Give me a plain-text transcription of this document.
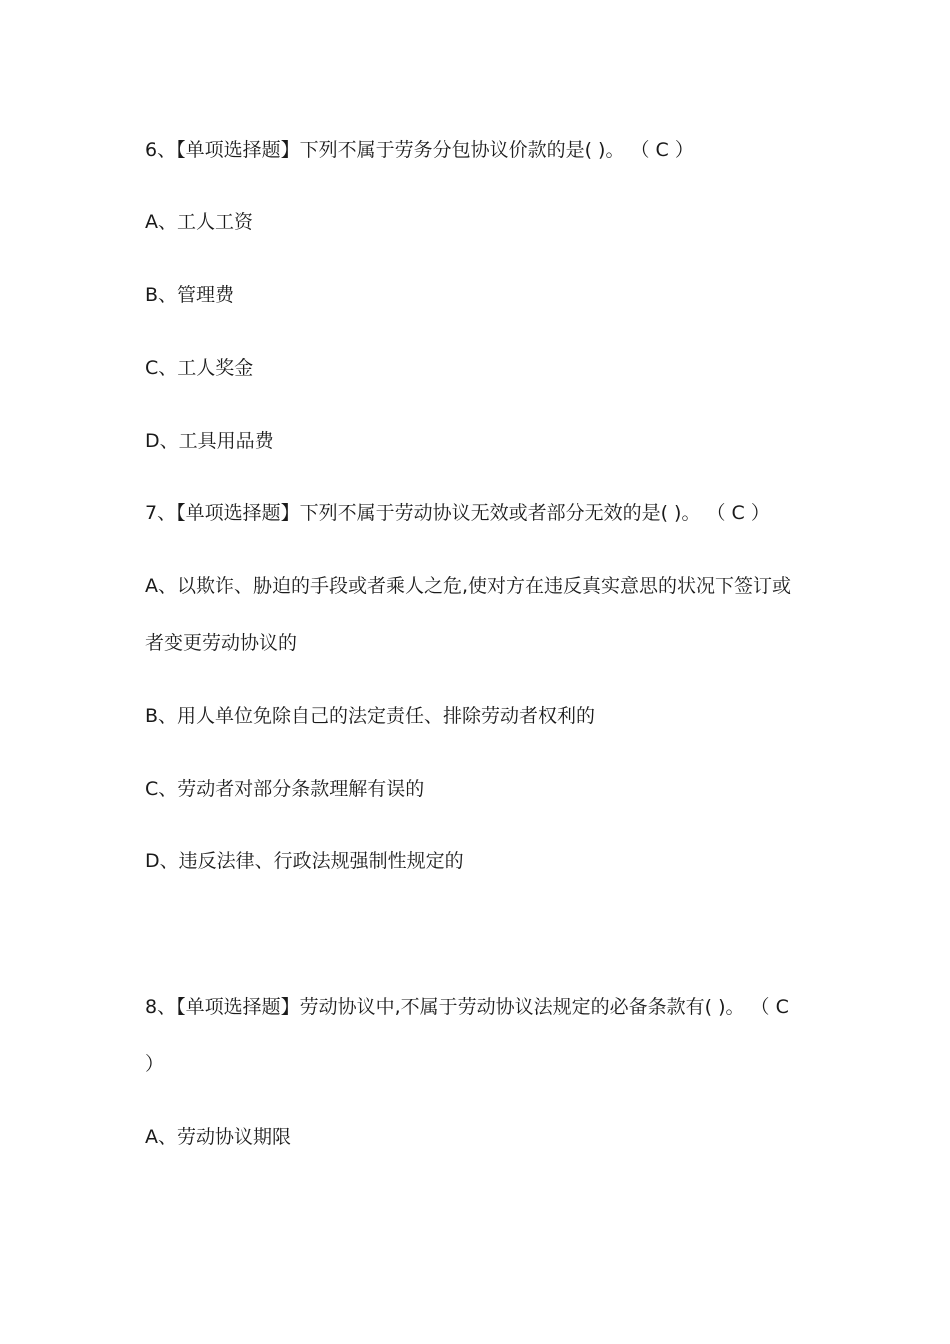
6、【单项选择题】下列不属于劳务分包协议价款的是( )。 （ C ）
A、工人工资
B、管理费
C、工人奖金
D、工具用品费
7、【单项选择题】下列不属于劳动协议无效或者部分无效的是( )。 （ C ）
A、以欺诈、胁迫的手段或者乘人之危,使对方在违反真实意思的状况下签订或
者变更劳动协议的
B、用人单位免除自己的法定责任、排除劳动者权利的
C、劳动者对部分条款理解有误的
D、违反法律、行政法规强制性规定的
8、【单项选择题】劳动协议中,不属于劳动协议法规定的必备条款有( )。 （ C
）
A、劳动协议期限
